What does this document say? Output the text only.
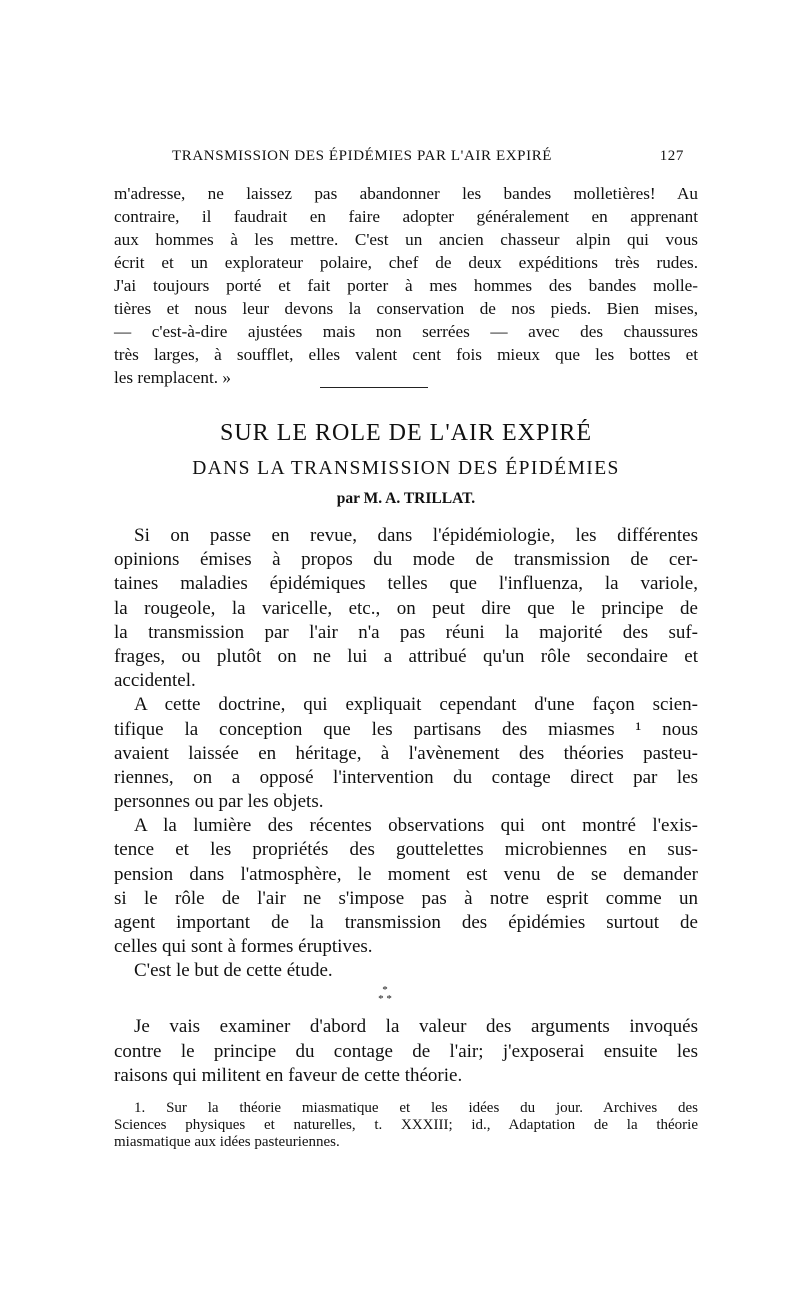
TRANSMISSION DES ÉPIDÉMIES PAR L'AIR EXPIRÉ	127
m'adresse, ne laissez pas abandonner les bandes molletières! Au
contraire, il faudrait en faire adopter généralement en apprenant
aux hommes à les mettre. C'est un ancien chasseur alpin qui vous
écrit et un explorateur polaire, chef de deux expéditions très rudes.
J'ai toujours porté et fait porter à mes hommes des bandes molle-
tières et nous leur devons la conservation de nos pieds. Bien mises,
— c'est-à-dire ajustées mais non serrées — avec des chaussures
très larges, à soufflet, elles valent cent fois mieux que les bottes et
les remplacent. »
SUR LE ROLE DE L'AIR EXPIRÉ
DANS LA TRANSMISSION DES ÉPIDÉMIES
par M. A. TRILLAT.
Si on passe en revue, dans l'épidémiologie, les différentes
opinions émises à propos du mode de transmission de cer-
taines maladies épidémiques telles que l'influenza, la variole,
la rougeole, la varicelle, etc., on peut dire que le principe de
la transmission par l'air n'a pas réuni la majorité des suf-
frages, ou plutôt on ne lui a attribué qu'un rôle secondaire et
accidentel.
A cette doctrine, qui expliquait cependant d'une façon scien-
tifique la conception que les partisans des miasmes ¹ nous
avaient laissée en héritage, à l'avènement des théories pasteu-
riennes, on a opposé l'intervention du contage direct par les
personnes ou par les objets.
A la lumière des récentes observations qui ont montré l'exis-
tence et les propriétés des gouttelettes microbiennes en sus-
pension dans l'atmosphère, le moment est venu de se demander
si le rôle de l'air ne s'impose pas à notre esprit comme un
agent important de la transmission des épidémies surtout de
celles qui sont à formes éruptives.
C'est le but de cette étude.
*
* *
Je vais examiner d'abord la valeur des arguments invoqués
contre le principe du contage de l'air; j'exposerai ensuite les
raisons qui militent en faveur de cette théorie.
1. Sur la théorie miasmatique et les idées du jour. Archives des
Sciences physiques et naturelles, t. XXXIII; id., Adaptation de la théorie
miasmatique aux idées pasteuriennes.
